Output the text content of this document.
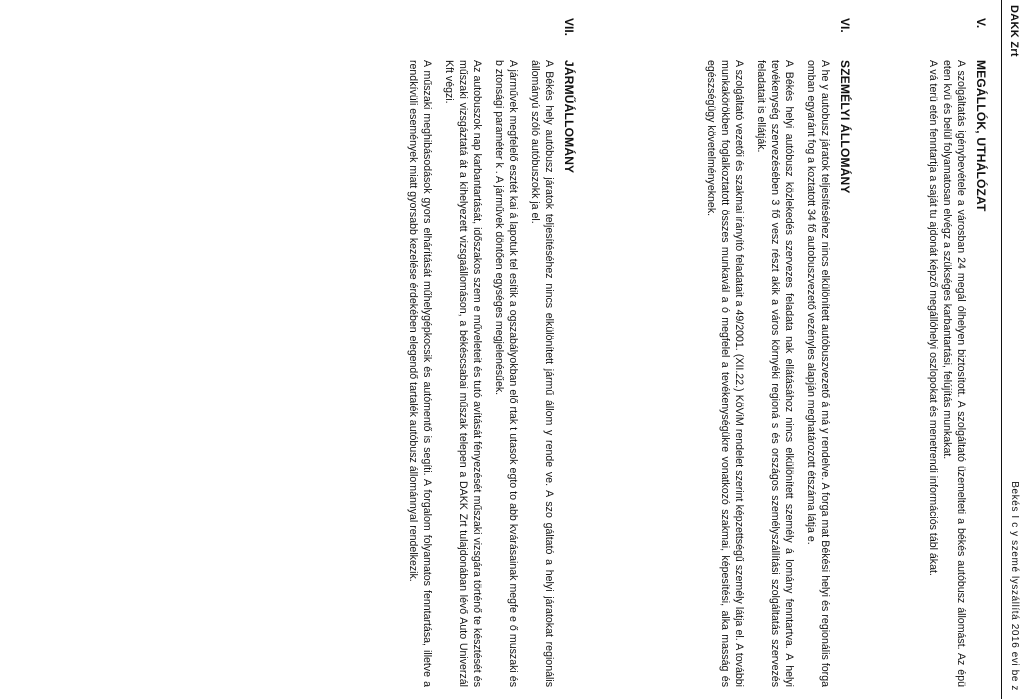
DAKK Zrt
Bekés I c y szemé lyszállítá 2016 evi be z
V.
MEGÁLLÓK, UTHÁLÓZAT

A szolgáltatás igénybevétele a városban 24 megál ólhelyen biztosított. A szolgáltató üzemelteti a békés autóbusz állomást. Az épü eten kvü és belül folyamatosan elvégz a szükséges karbantartási, felújítás munkakat.

A vá terü etén fenntartja a saját tu ajdonát képző megállóhelyi oszlopokat és menetrendi információs tábl ákat.

VI.
SZEMÉLYI ÁLLOMÁNY

A he y autobusz járatok teljesítéséhez nincs elkülönített autóbuszvezető á má y rendelve. A forga mat Békési helyi és regionális forga omban egyaránt fog a koztatott 34 fő autobuszvezető vezényles alapján meghatározott étszáma látja e.

A Békés helyi autóbusz közlekedés szervezes feladata nak ellátásához nincs elkülönített személy á lomány fenntartva. A helyi tevékenység szervezésében 3 fő vesz részt akik a város környéki regioná s és országos személyszállítási szolgáltatás szervezés feladatait is ellátják.

A szolgáltató vezetői és szakmai irányító feladatait a 49/2001. (XII.22.) KöViM rendelet szerint képzettségű személy látja el. A további munkakörökben foglalkoztatott összes munkavál a ó megfelel a tevékenységükre vonatkozó szakmai, képesítési, alka masság és egészségügy követelményeknek.

VII.
JÁRMŰÁLLOMÁNY

A Békés hely autóbusz járatok teljesítéséhez nincs elkülönített jármű állom y rende ve. A szo gáltató a helyi járatokat regionális állományú szóló autóbuszokk ja el.

A járművek megfelelő esztét kai á lapotuk tel esítik a ogszabályokban elő rtak t utasok egto to abb kvárásainak megfe e ő muszaki és b ztonsági paraméter k . A járművek döntően egységes megjelenésűek.

Az autobuszok nap karbantartását, időszakos szem e műveleteit és tutó avítását fényezését műszaki vizsgára történő te késztését és műszaki vizsgáztatá át a kihelyezett vizsgaállomáson, a békéscsabai műszak telepen a DAKK Zrt tulajdonában lévő Auto Univerzál Kft végzi.

A műszaki meghibásodások gyors elhárítását műhelygépkocsik és autómentő is segíti. A forgalom folyamatos fenntartása, illetve a rendkívüli események miatt gyorsabb kezelése érdekében elegendő tartalék autóbusz állománnyal rendelkezik.
